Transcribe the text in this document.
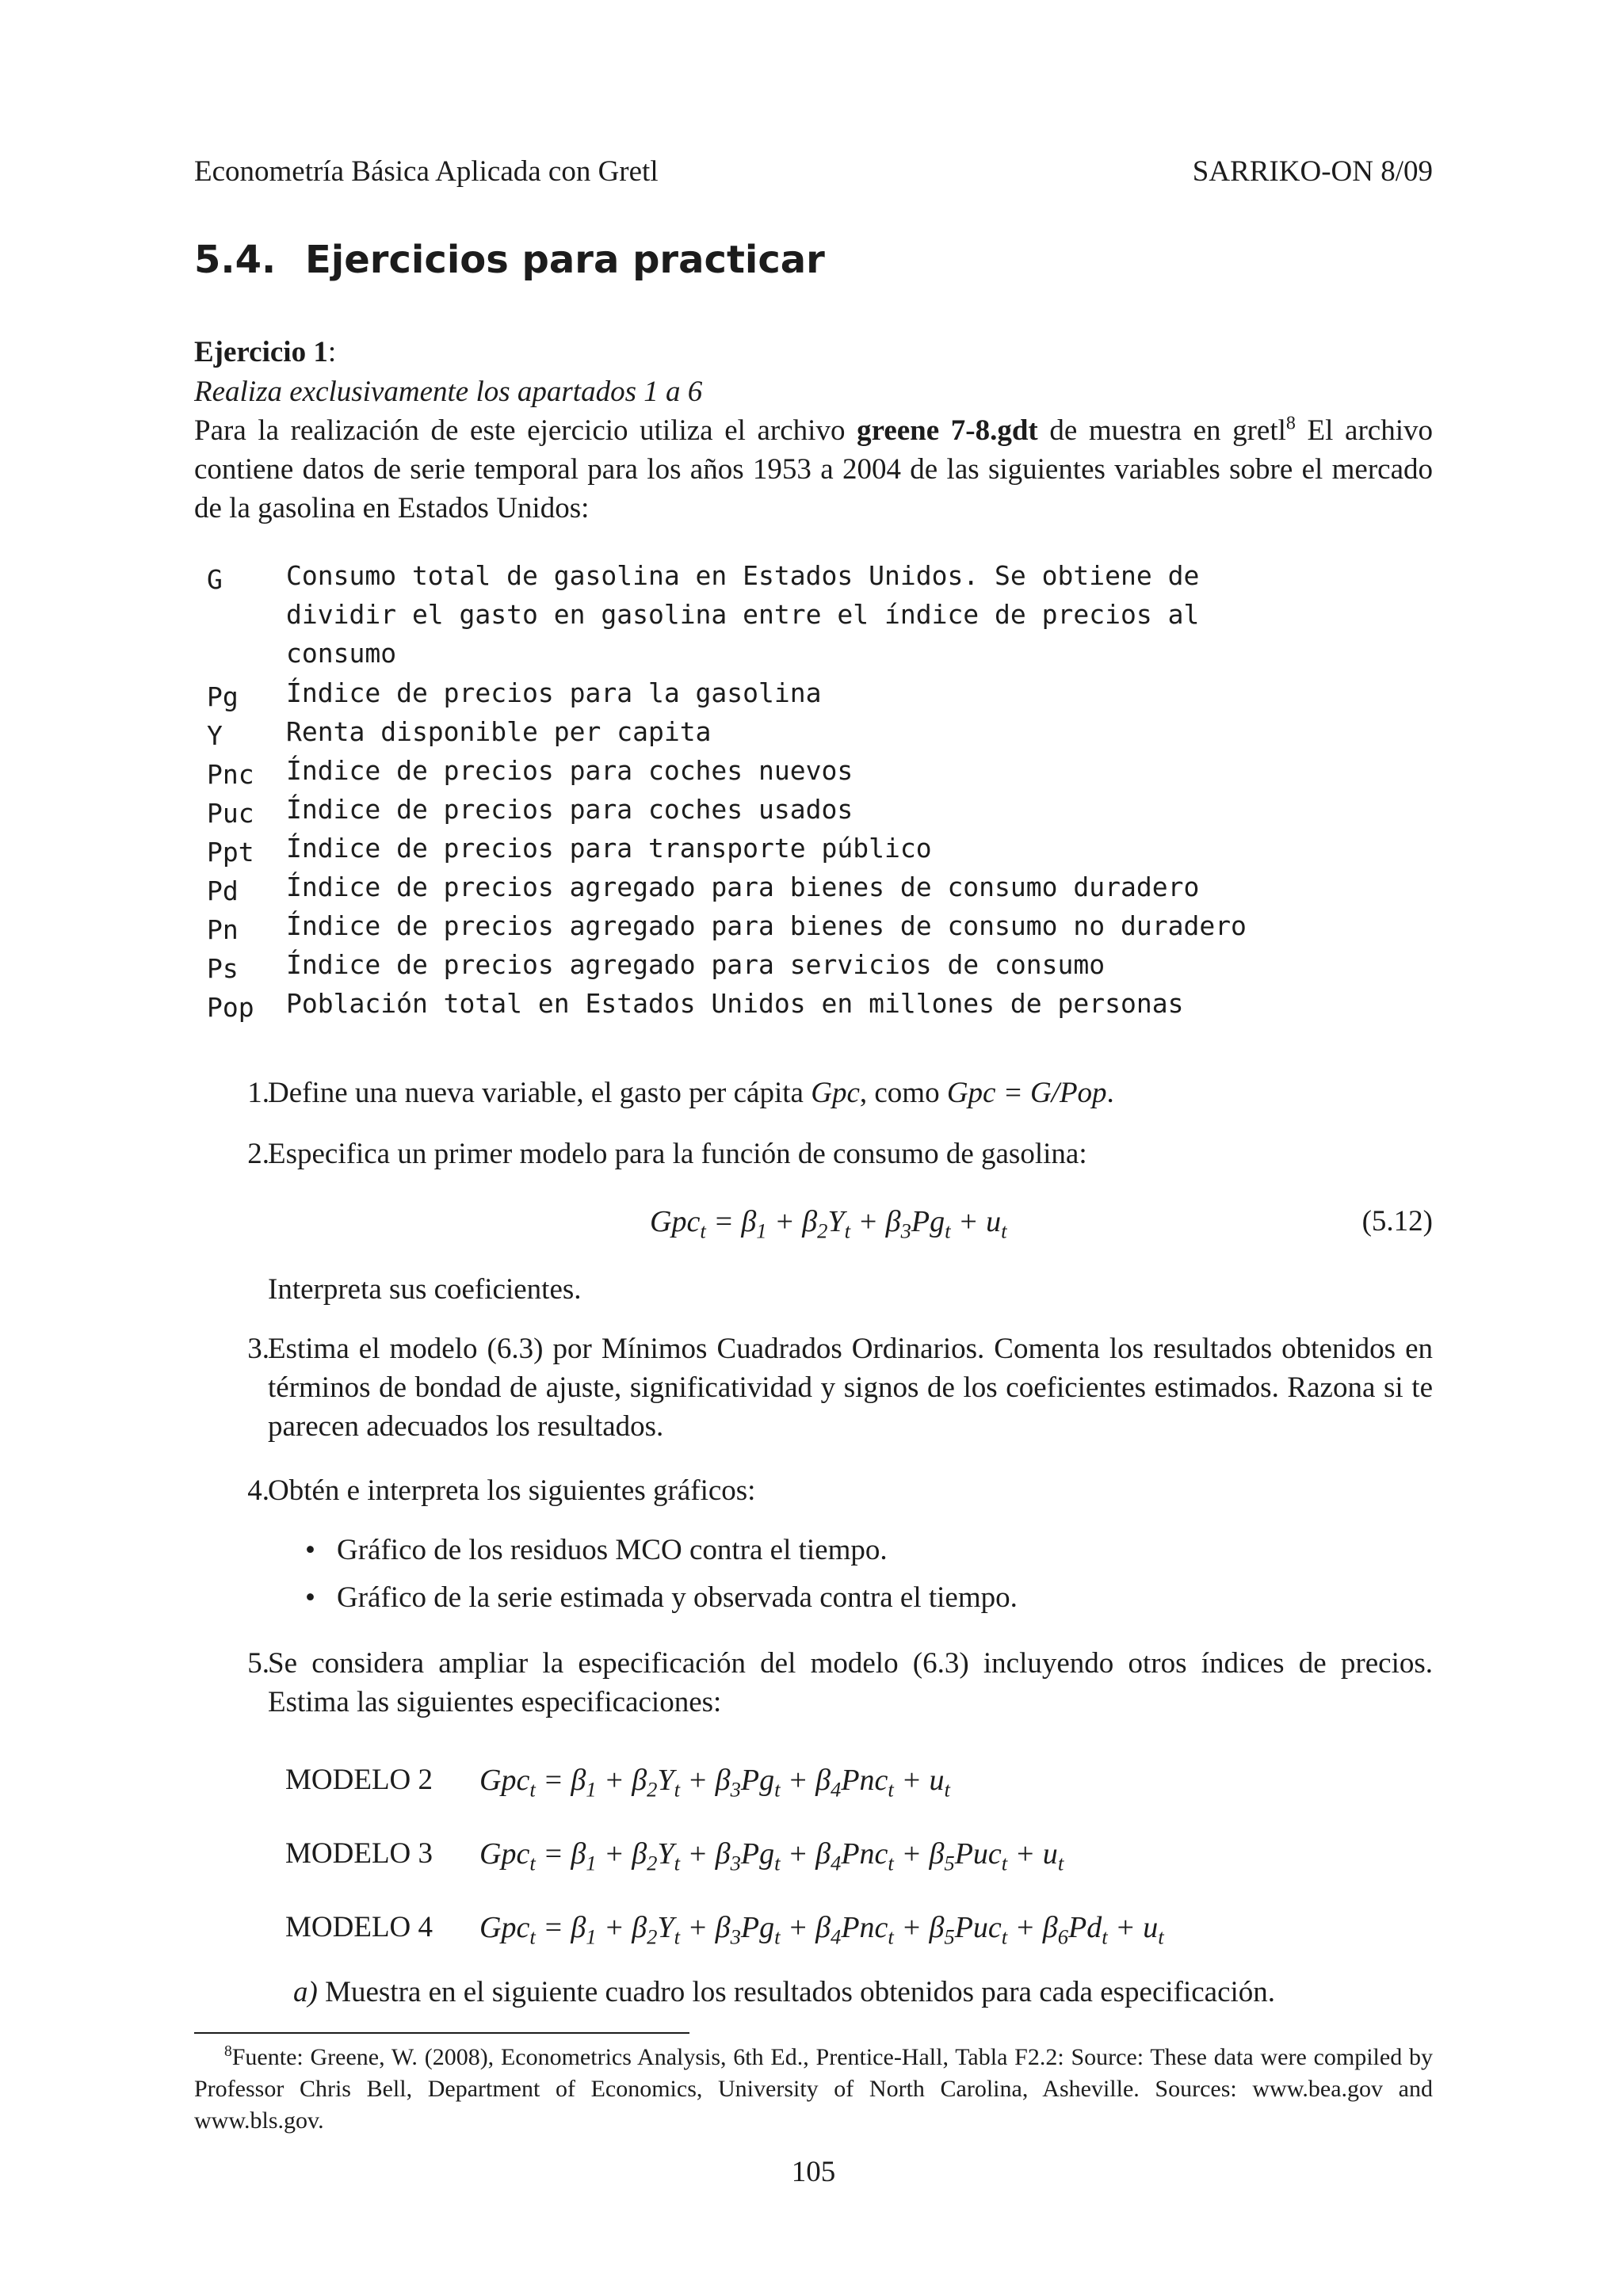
Econometría Básica Aplicada con Gretl	SARRIKO-ON 8/09
5.4. Ejercicios para practicar
Ejercicio 1:
Realiza exclusivamente los apartados 1 a 6

Para la realización de este ejercicio utiliza el archivo greene 7-8.gdt de muestra en gretl$^8$ El archivo contiene datos de serie temporal para los años 1953 a 2004 de las siguientes variables sobre el mercado de la gasolina en Estados Unidos:

G	Consumo total de gasolina en Estados Unidos. Se obtiene de dividir el gasto en gasolina entre el índice de precios al consumo
Pg	Índice de precios para la gasolina
Y	Renta disponible per capita
Pnc	Índice de precios para coches nuevos
Puc	Índice de precios para coches usados
Ppt	Índice de precios para transporte público
Pd	Índice de precios agregado para bienes de consumo duradero
Pn	Índice de precios agregado para bienes de consumo no duradero
Ps	Índice de precios agregado para servicios de consumo
Pop	Población total en Estados Unidos en millones de personas
1.
Define una nueva variable, el gasto per cápita Gpc, como Gpc = G/Pop.
2.
Especifica un primer modelo para la función de consumo de gasolina:
$Gpc_t = \beta_1 + \beta_2Y_t + \beta_3Pg_t + u_t$	(5.12)
Interpreta sus coeficientes.
3.

Estima el modelo (6.3) por Mínimos Cuadrados Ordinarios. Comenta los resultados obtenidos en términos de bondad de ajuste, significatividad y signos de los coeficientes estimados. Razona si te parecen adecuados los resultados.

4.
Obtén e interpreta los siguientes gráficos:
• Gráfico de los residuos MCO contra el tiempo.
• Gráfico de la serie estimada y observada contra el tiempo.
5.

Se considera ampliar la especificación del modelo (6.3) incluyendo otros índices de precios. Estima las siguientes especificaciones:

MODELO 2 $Gpc_t = \beta_1 + \beta_2Y_t + \beta_3Pg_t + \beta_4Pnc_t + u_t$
MODELO 3 $Gpc_t = \beta_1 + \beta_2Y_t + \beta_3Pg_t + \beta_4Pnc_t + \beta_5Puc_t + u_t$
MODELO 4 $Gpc_t = \beta_1 + \beta_2Y_t + \beta_3Pg_t + \beta_4Pnc_t + \beta_5Puc_t + \beta_6Pd_t + u_t$
a) Muestra en el siguiente cuadro los resultados obtenidos para cada especificación.

$^8$Fuente: Greene, W. (2008), Econometrics Analysis, 6th Ed., Prentice-Hall, Tabla F2.2: Source: These data were compiled by Professor Chris Bell, Department of Economics, University of North Carolina, Asheville. Sources: www.bea.gov and www.bls.gov.

105
